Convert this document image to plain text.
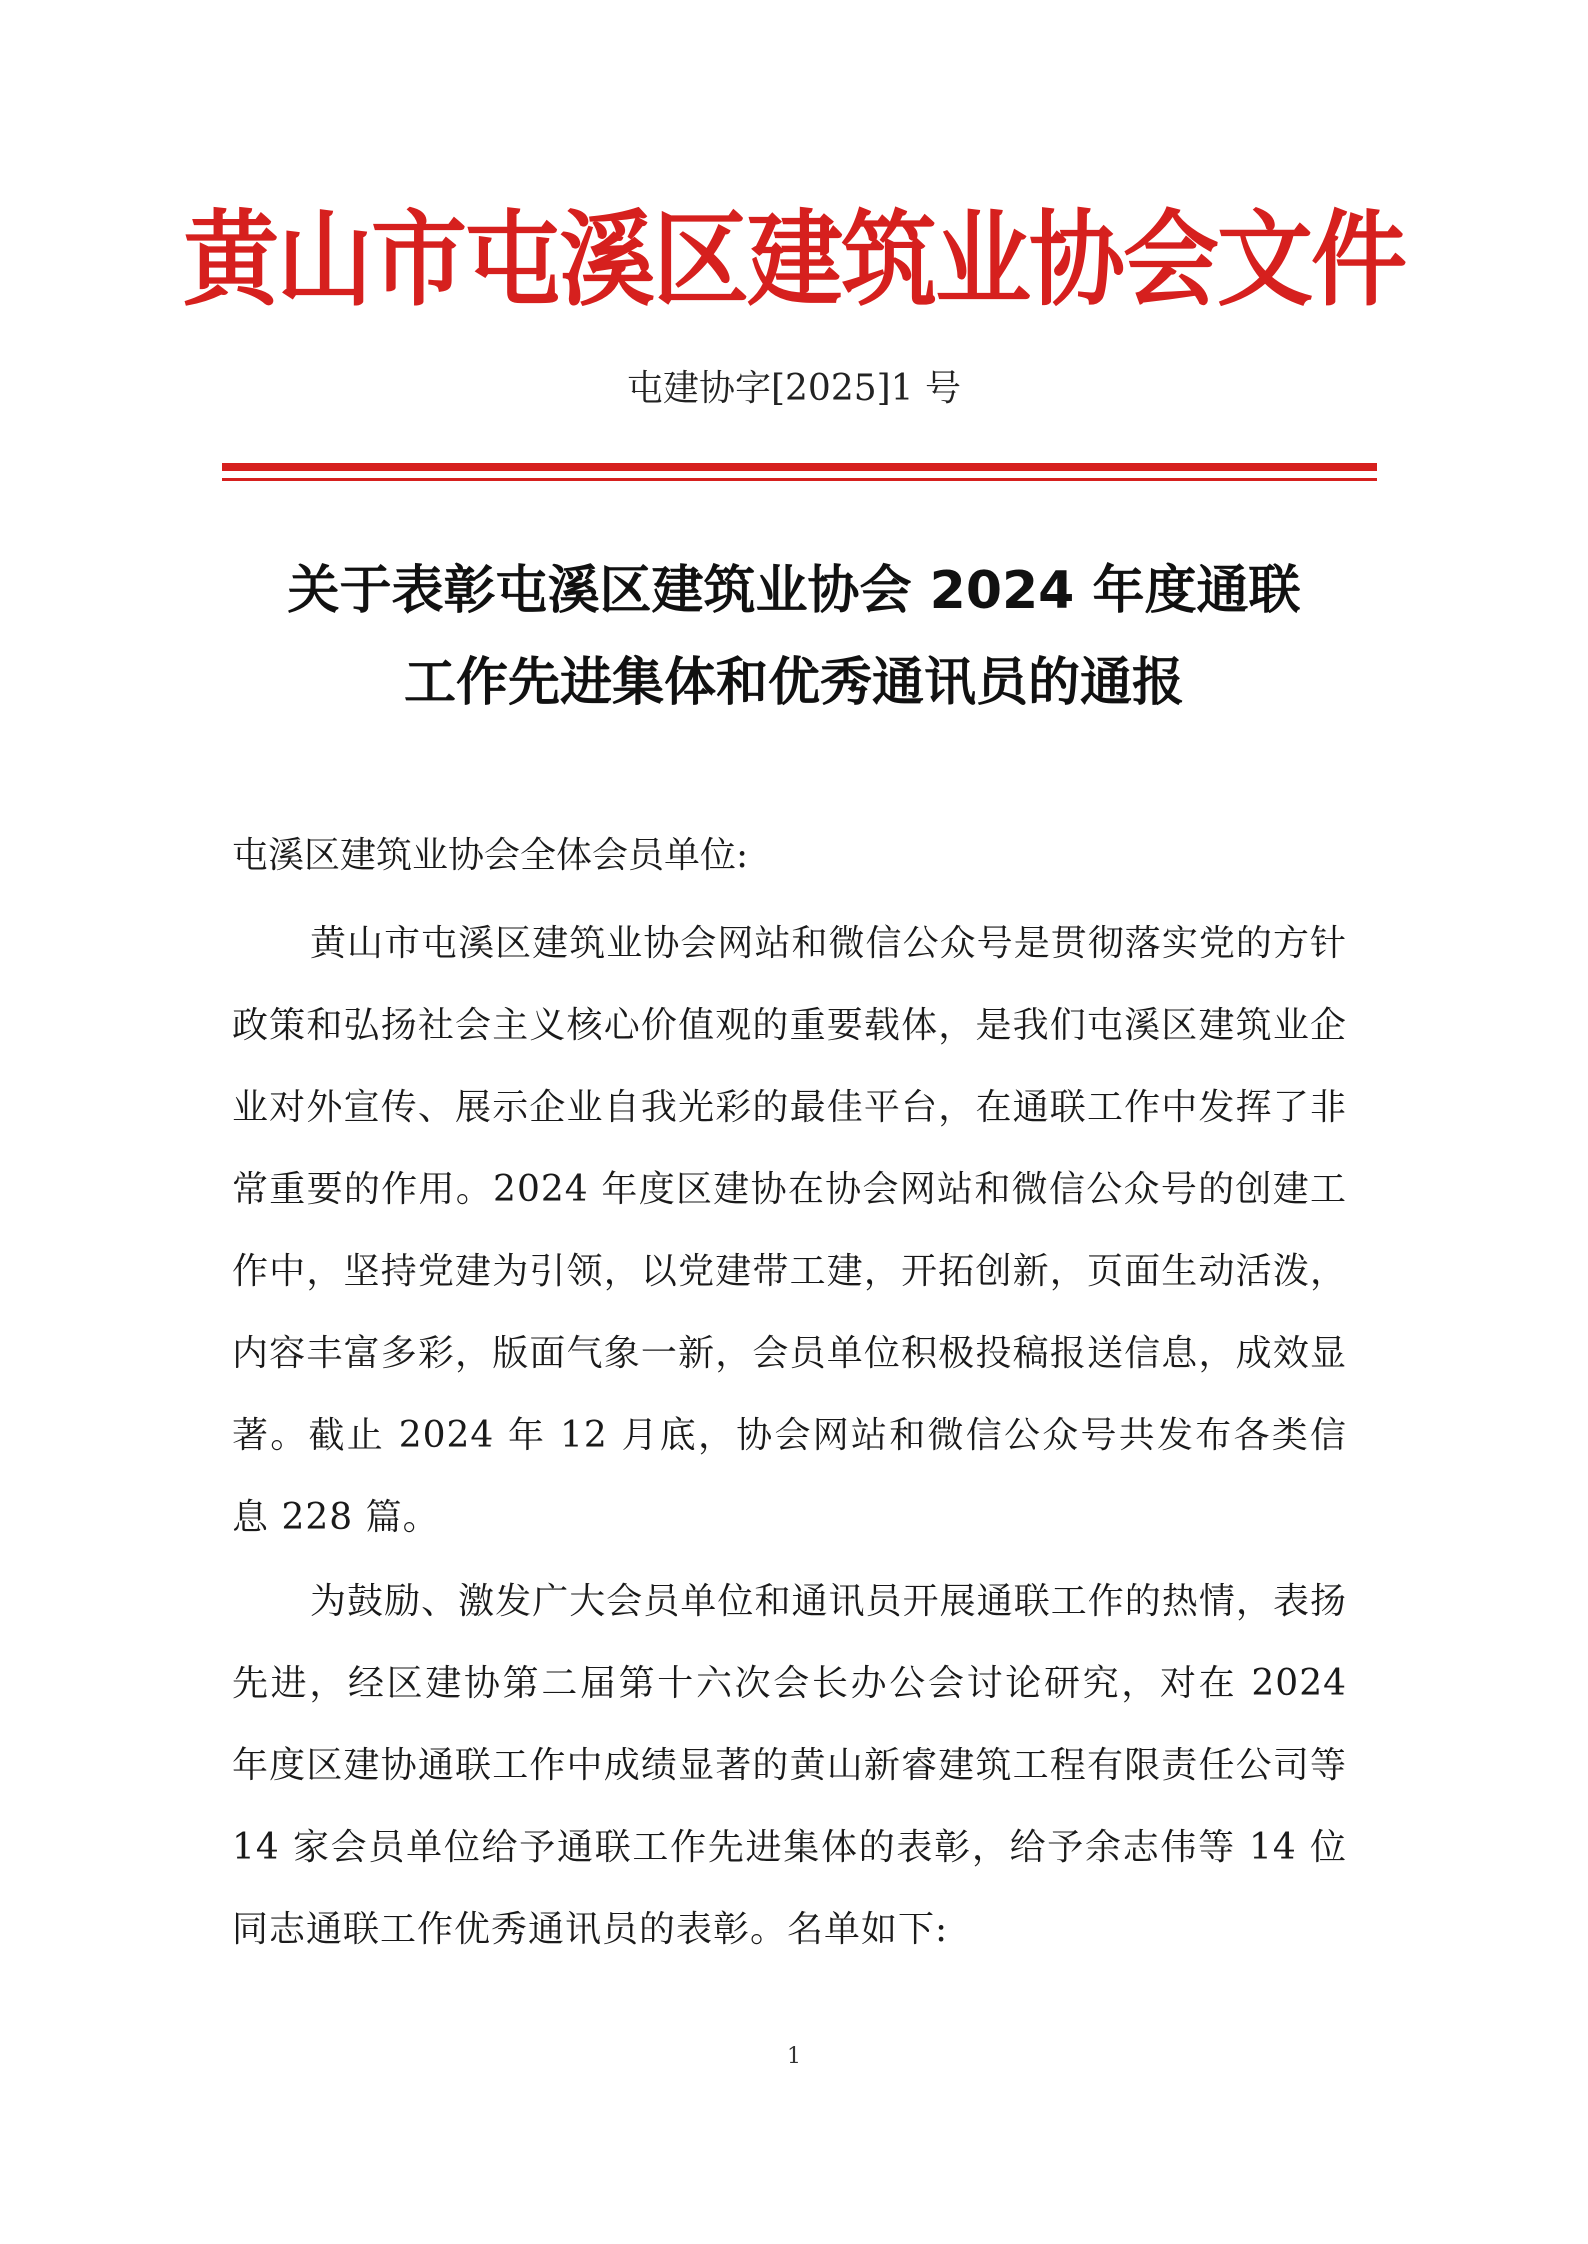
黄山市屯溪区建筑业协会文件
屯建协字[2025]1 号
关于表彰屯溪区建筑业协会 2024 年度通联
工作先进集体和优秀通讯员的通报
屯溪区建筑业协会全体会员单位:
黄山市屯溪区建筑业协会网站和微信公众号是贯彻落实党的方针政策和弘扬社会主义核心价值观的重要载体，是我们屯溪区建筑业企业对外宣传、展示企业自我光彩的最佳平台，在通联工作中发挥了非常重要的作用。2024 年度区建协在协会网站和微信公众号的创建工作中，坚持党建为引领，以党建带工建，开拓创新，页面生动活泼，内容丰富多彩，版面气象一新，会员单位积极投稿报送信息，成效显著。截止 2024 年 12 月底，协会网站和微信公众号共发布各类信息 228 篇。
为鼓励、激发广大会员单位和通讯员开展通联工作的热情，表扬先进，经区建协第二届第十六次会长办公会讨论研究，对在 2024 年度区建协通联工作中成绩显著的黄山新睿建筑工程有限责任公司等 14 家会员单位给予通联工作先进集体的表彰，给予余志伟等 14 位同志通联工作优秀通讯员的表彰。名单如下:
1
